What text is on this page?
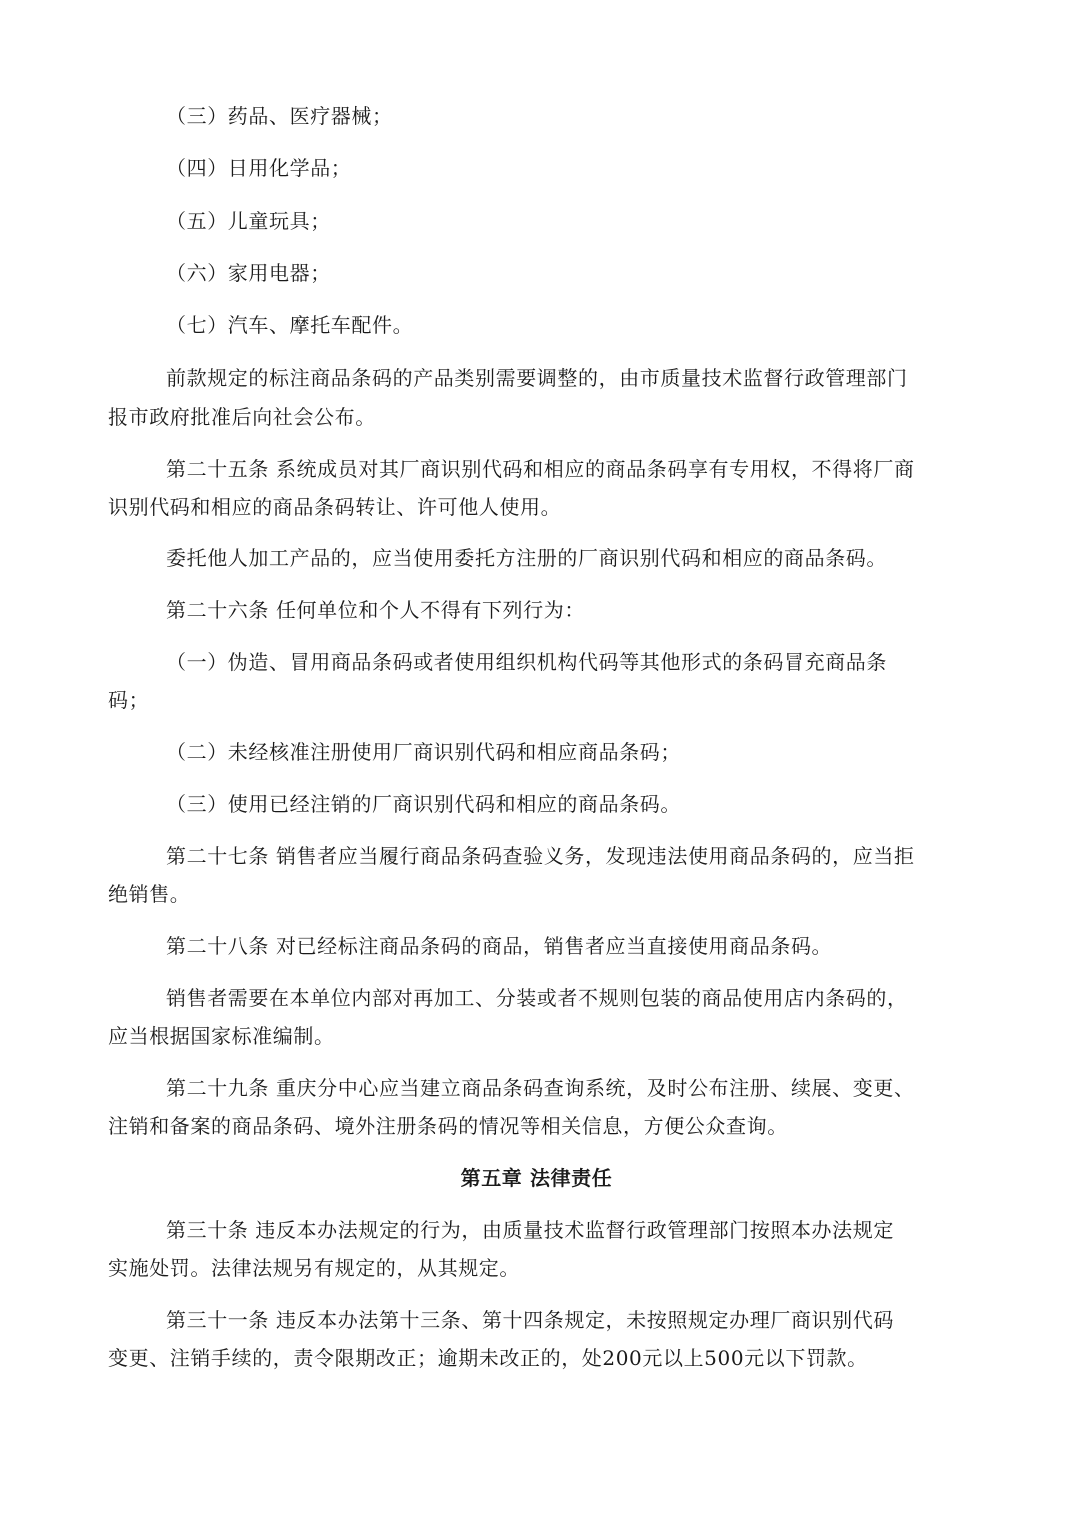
（三）药品、医疗器械；
（四）日用化学品；
（五）儿童玩具；
（六）家用电器；
（七）汽车、摩托车配件。
前款规定的标注商品条码的产品类别需要调整的，由市质量技术监督行政管理部门
报市政府批准后向社会公布。
第二十五条 系统成员对其厂商识别代码和相应的商品条码享有专用权，不得将厂商
识别代码和相应的商品条码转让、许可他人使用。
委托他人加工产品的，应当使用委托方注册的厂商识别代码和相应的商品条码。
第二十六条 任何单位和个人不得有下列行为：
（一）伪造、冒用商品条码或者使用组织机构代码等其他形式的条码冒充商品条
码；
（二）未经核准注册使用厂商识别代码和相应商品条码；
（三）使用已经注销的厂商识别代码和相应的商品条码。
第二十七条 销售者应当履行商品条码查验义务，发现违法使用商品条码的，应当拒
绝销售。
第二十八条 对已经标注商品条码的商品，销售者应当直接使用商品条码。
销售者需要在本单位内部对再加工、分装或者不规则包装的商品使用店内条码的，
应当根据国家标准编制。
第二十九条 重庆分中心应当建立商品条码查询系统，及时公布注册、续展、变更、
注销和备案的商品条码、境外注册条码的情况等相关信息，方便公众查询。
第五章 法律责任
第三十条 违反本办法规定的行为，由质量技术监督行政管理部门按照本办法规定
实施处罚。法律法规另有规定的，从其规定。
第三十一条 违反本办法第十三条、第十四条规定，未按照规定办理厂商识别代码
变更、注销手续的，责令限期改正；逾期未改正的，处200元以上500元以下罚款。
